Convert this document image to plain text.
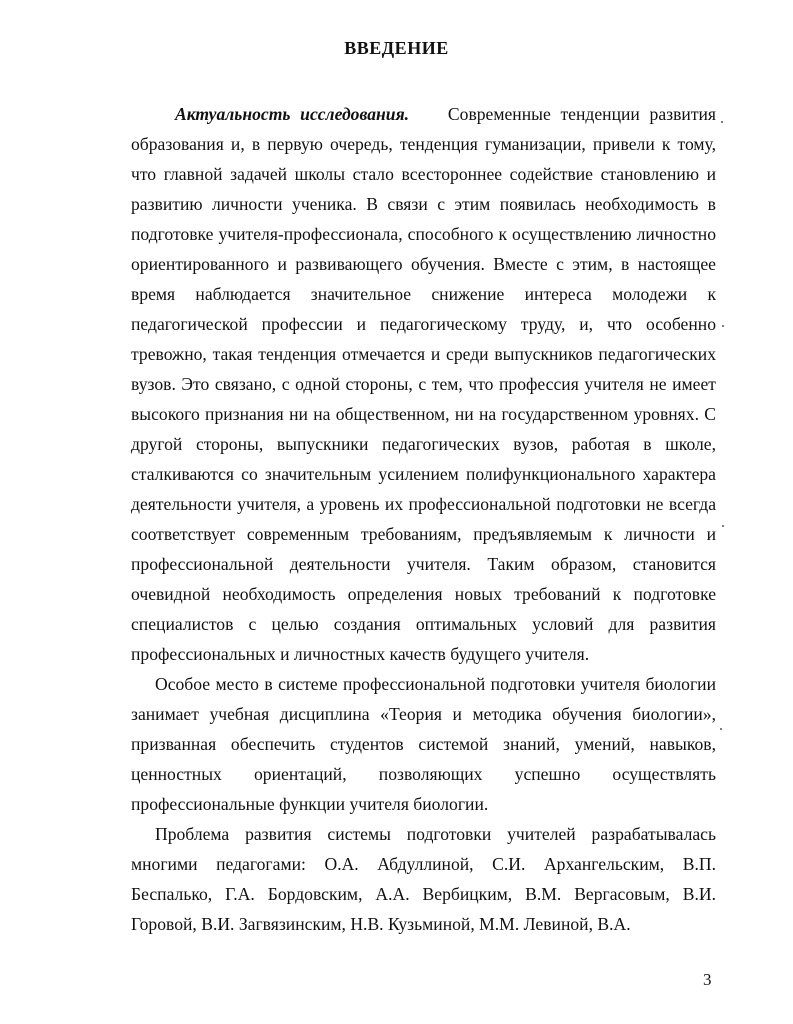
ВВЕДЕНИЕ

Актуальность исследования. Современные тенденции развития образования и, в первую очередь, тенденция гуманизации, привели к тому, что главной задачей школы стало всестороннее содействие становлению и развитию личности ученика. В связи с этим появилась необходимость в подготовке учителя-профессионала, способного к осуществлению личностно ориентированного и развивающего обучения. Вместе с этим, в настоящее время наблюдается значительное снижение интереса молодежи к педагогической профессии и педагогическому труду, и, что особенно тревожно, такая тенденция отмечается и среди выпускников педагогических вузов. Это связано, с одной стороны, с тем, что профессия учителя не имеет высокого признания ни на общественном, ни на государственном уровнях. С другой стороны, выпускники педагогических вузов, работая в школе, сталкиваются со значительным усилением полифункционального характера деятельности учителя, а уровень их профессиональной подготовки не всегда соответствует современным требованиям, предъявляемым к личности и профессиональной деятельности учителя. Таким образом, становится очевидной необходимость определения новых требований к подготовке специалистов с целью создания оптимальных условий для развития профессиональных и личностных качеств будущего учителя.

Особое место в системе профессиональной подготовки учителя биологии занимает учебная дисциплина «Теория и методика обучения биологии», призванная обеспечить студентов системой знаний, умений, навыков, ценностных ориентаций, позволяющих успешно осуществлять профессиональные функции учителя биологии.

Проблема развития системы подготовки учителей разрабатывалась многими педагогами: О.А. Абдуллиной, С.И. Архангельским, В.П. Беспалько, Г.А. Бордовским, А.А. Вербицким, В.М. Вергасовым, В.И. Горовой, В.И. Загвязинским, Н.В. Кузьминой, М.М. Левиной, В.А.

3
